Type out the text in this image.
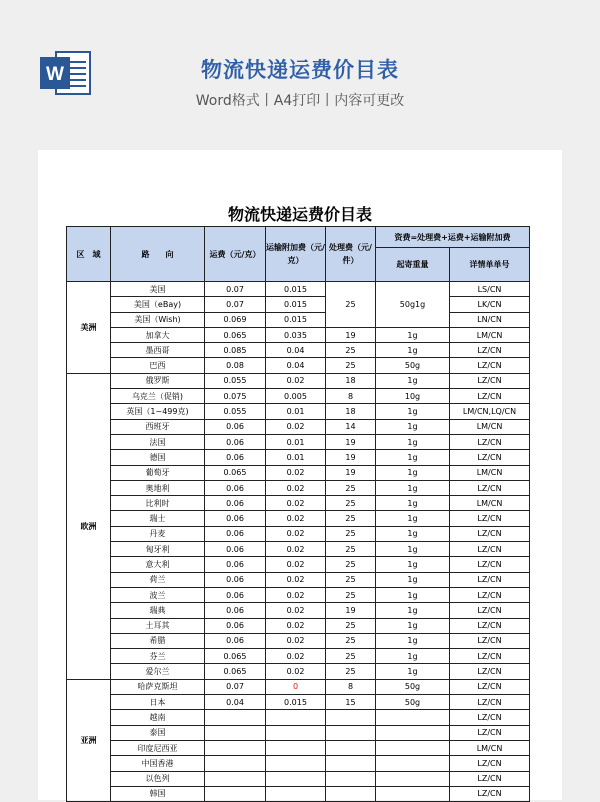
W	物流快递运费价目表
Word格式丨A4打印丨内容可更改
物流快递运费价目表
区　域	路　　向	运费（元/克）	运输附加费（元/克）	处理费（元/件）	资费=处理费+运费+运输附加费	
					起寄重量	详情单单号
美洲	美国	0.07	0.015	25	50g1g	LS/CN
	美国（eBay)	0.07	0.015			LK/CN
	美国（Wish)	0.069	0.015			LN/CN
	加拿大	0.065	0.035	19	1g	LM/CN
	墨西哥	0.085	0.04	25	1g	LZ/CN
	巴西	0.08	0.04	25	50g	LZ/CN
欧洲	俄罗斯	0.055	0.02	18	1g	LZ/CN
	乌克兰（促销)	0.075	0.005	8	10g	LZ/CN
	英国（1~499克)	0.055	0.01	18	1g	LM/CN,LQ/CN
	西班牙	0.06	0.02	14	1g	LM/CN
	法国	0.06	0.01	19	1g	LZ/CN
	德国	0.06	0.01	19	1g	LZ/CN
	葡萄牙	0.065	0.02	19	1g	LM/CN
	奥地利	0.06	0.02	25	1g	LZ/CN
	比利时	0.06	0.02	25	1g	LM/CN
	瑞士	0.06	0.02	25	1g	LZ/CN
	丹麦	0.06	0.02	25	1g	LZ/CN
	匈牙利	0.06	0.02	25	1g	LZ/CN
	意大利	0.06	0.02	25	1g	LZ/CN
	荷兰	0.06	0.02	25	1g	LZ/CN
	波兰	0.06	0.02	25	1g	LZ/CN
	瑞典	0.06	0.02	19	1g	LZ/CN
	土耳其	0.06	0.02	25	1g	LZ/CN
	希腊	0.06	0.02	25	1g	LZ/CN
	芬兰	0.065	0.02	25	1g	LZ/CN
	爱尔兰	0.065	0.02	25	1g	LZ/CN
亚洲	哈萨克斯坦	0.07	0	8	50g	LZ/CN
	日本	0.04	0.015	15	50g	LZ/CN
	越南					LZ/CN
	泰国					LZ/CN
	印度尼西亚					LM/CN
	中国香港					LZ/CN
	以色列					LZ/CN
	韩国					LZ/CN
